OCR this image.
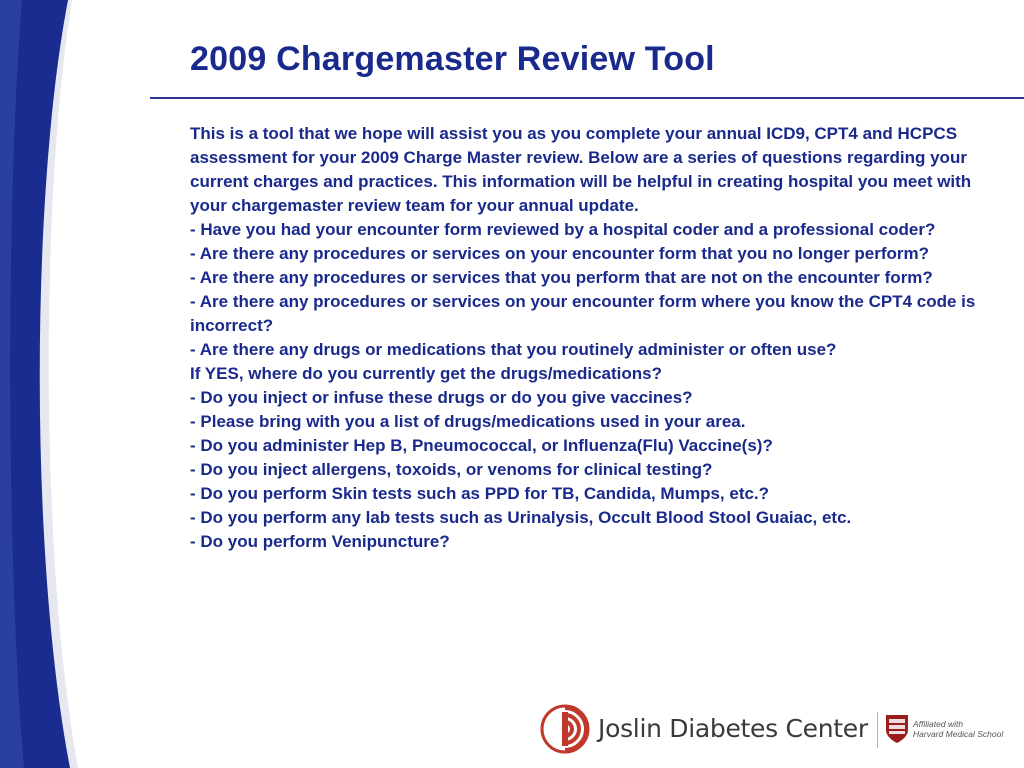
2009 Chargemaster Review Tool

This is a tool that we hope will assist you as you complete your annual ICD9, CPT4 and HCPCS assessment for your 2009 Charge Master review. Below are a series of questions regarding your current charges and practices. This information will be helpful in creating hospital you meet with your chargemaster review team for your annual update.

- Have you had your encounter form reviewed by a hospital coder and a professional coder?

- Are there any procedures or services on your encounter form that you no longer perform?

- Are there any procedures or services that you perform that are not on the encounter form?

- Are there any procedures or services on your encounter form where you know the CPT4 code is incorrect?

- Are there any drugs or medications that you routinely administer or often use?

If YES, where do you currently get the drugs/medications?

- Do you inject or infuse these drugs or do you give vaccines?

- Please bring with you a list of drugs/medications used in your area.

- Do you administer Hep B, Pneumococcal, or Influenza(Flu) Vaccine(s)?

- Do you inject allergens, toxoids, or venoms for clinical testing?

- Do you perform Skin tests such as PPD for TB, Candida, Mumps, etc.?

- Do you perform any lab tests such as Urinalysis, Occult Blood Stool Guaiac, etc.

- Do you perform Venipuncture?

Joslin Diabetes Center	Affiliated with
Harvard Medical School
